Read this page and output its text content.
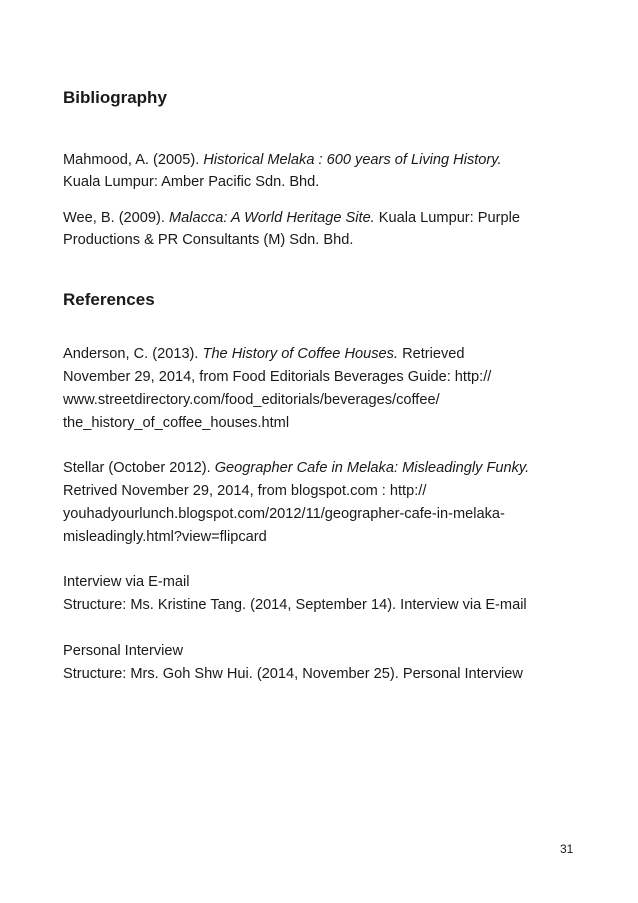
Bibliography

Mahmood, A. (2005). Historical Melaka : 600 years of Living History.

Kuala Lumpur: Amber Pacific Sdn. Bhd.

Wee, B. (2009). Malacca: A World Heritage Site. Kuala Lumpur: Purple

Productions & PR Consultants (M) Sdn. Bhd.

References

Anderson, C. (2013). The History of Coffee Houses. Retrieved

November 29, 2014, from Food Editorials Beverages Guide: http://

www.streetdirectory.com/food_editorials/beverages/coffee/

the_history_of_coffee_houses.html

Stellar (October 2012). Geographer Cafe in Melaka: Misleadingly Funky.

Retrived November 29, 2014, from blogspot.com : http://

youhadyourlunch.blogspot.com/2012/11/geographer-cafe-in-melaka-

misleadingly.html?view=flipcard

Interview via E-mail

Structure: Ms. Kristine Tang. (2014, September 14). Interview via E-mail

Personal Interview

Structure: Mrs. Goh Shw Hui. (2014, November 25). Personal Interview

31
